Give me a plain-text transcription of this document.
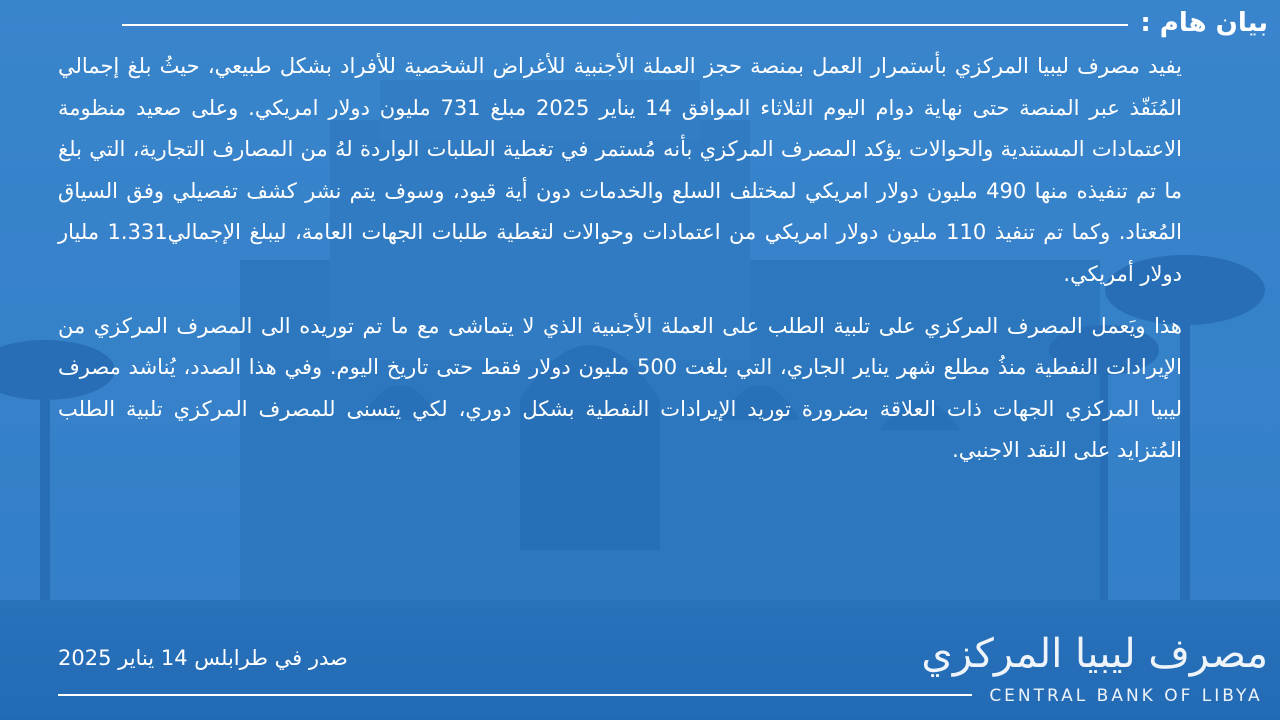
بيان هام :

يفيد مصرف ليبيا المركزي بأستمرار العمل بمنصة حجز العملة الأجنبية للأغراض الشخصية للأفراد بشكل طبيعي، حيثُ بلغ إجمالي المُنَفّذ عبر المنصة حتى نهاية دوام اليوم الثلاثاء الموافق 14 يناير 2025 مبلغ 731 مليون دولار امريكي. وعلى صعيد منظومة الاعتمادات المستندية والحوالات يؤكد المصرف المركزي بأنه مُستمر في تغطية الطلبات الواردة لهُ من المصارف التجارية، التي بلغ ما تم تنفيذه منها 490 مليون دولار امريكي لمختلف السلع والخدمات دون أية قيود، وسوف يتم نشر كشف تفصيلي وفق السياق المُعتاد. وكما تم تنفيذ 110 مليون دولار امريكي من اعتمادات وحوالات لتغطية طلبات الجهات العامة، ليبلغ الإجمالي1.331 مليار دولار أمريكي.

هذا ويَعمل المصرف المركزي على تلبية الطلب على العملة الأجنبية الذي لا يتماشى مع ما تم توريده الى المصرف المركزي من الإيرادات النفطية منذُ مطلع شهر يناير الجاري، التي بلغت 500 مليون دولار فقط حتى تاريخ اليوم. وفي هذا الصدد، يُناشد مصرف ليبيا المركزي الجهات ذات العلاقة بضرورة توريد الإيرادات النفطية بشكل دوري، لكي يتسنى للمصرف المركزي تلبية الطلب المُتزايد على النقد الاجنبي.

صدر في طرابلس 14 يناير 2025	مصرف ليبيا المركزي
CENTRAL BANK OF LIBYA
